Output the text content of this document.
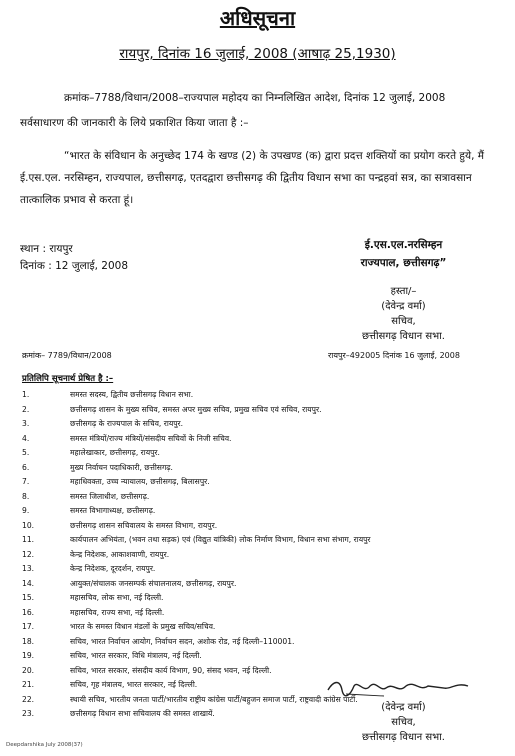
अधिसूचना
रायपुर, दिनांक 16 जुलाई, 2008 (आषाढ़ 25,1930)
क्रमांक–7788/विधान/2008–राज्यपाल महोदय का निम्नलिखित आदेश, दिनांक 12 जुलाई, 2008
सर्वसाधारण की जानकारी के लिये प्रकाशित किया जाता है :–
“भारत के संविधान के अनुच्छेद 174 के खण्ड (2) के उपखण्ड (क) द्वारा प्रदत्त शक्तियों का प्रयोग करते हुये, मैं ई.एस.एल. नरसिम्हन, राज्यपाल, छत्तीसगढ़, एतदद्वारा छत्तीसगढ़ की द्वितीय विधान सभा का पन्द्रहवां सत्र, का सत्रावसान तात्कालिक प्रभाव से करता हूं।
स्थान : रायपुर
दिनांक : 12 जुलाई, 2008
ई.एस.एल.नरसिम्हन
राज्यपाल, छत्तीसगढ़”
हस्ता/–
(देवेन्द्र वर्मा)
सचिव,
छत्तीसगढ़ विधान सभा.
क्रमांक– 7789/विधान/2008	रायपुर–492005 दिनांक 16 जुलाई, 2008
प्रतिलिपि सूचनार्थ प्रेषित है :–
1.	समस्त सदस्य, द्वितीय छत्तीसगढ़ विधान सभा.
2.	छत्तीसगढ़ शासन के मुख्य सचिव, समस्त अपर मुख्य सचिव, प्रमुख सचिव एवं सचिव, रायपुर.
3.	छत्तीसगढ़ के राज्यपाल के सचिव, रायपुर.
4.	समस्त मंत्रियों/राज्य मंत्रियों/संसदीय सचिवों के निजी सचिव.
5.	महालेखाकार, छत्तीसगढ़, रायपुर.
6.	मुख्य निर्वाचन पदाधिकारी, छत्तीसगढ़.
7.	महाधिवक्ता, उच्च न्यायालय, छत्तीसगढ़, बिलासपुर.
8.	समस्त जिलाधीश, छत्तीसगढ़.
9.	समस्त विभागाध्यक्ष, छत्तीसगढ़.
10.	छत्तीसगढ़ शासन सचिवालय के समस्त विभाग, रायपुर.
11.	कार्यपालन अभियंता, (भवन तथा सड़क) एवं (विद्युत यांत्रिकी) लोक निर्माण विभाग, विधान सभा संभाग, रायपुर
12.	केन्द्र निदेशक, आकाशवाणी, रायपुर.
13.	केन्द्र निदेशक, दूरदर्शन, रायपुर.
14.	आयुक्त/संचालक जनसम्पर्क संचालनालय, छत्तीसगढ़, रायपुर.
15.	महासचिव, लोक सभा, नई दिल्ली.
16.	महासचिव, राज्य सभा, नई दिल्ली.
17.	भारत के समस्त विधान मंडलों के प्रमुख सचिव/सचिव.
18.	सचिव, भारत निर्वाचन आयोग, निर्वाचन सदन, अशोक रोड, नई दिल्ली–110001.
19.	सचिव, भारत सरकार, विधि मंत्रालय, नई दिल्ली.
20.	सचिव, भारत सरकार, संसदीय कार्य विभाग, 90, संसद भवन, नई दिल्ली.
21.	सचिव, गृह मंत्रालय, भारत सरकार, नई दिल्ली.
22.	स्थायी सचिव, भारतीय जनता पार्टी/भारतीय राष्ट्रीय कांग्रेस पार्टी/बहुजन समाज पार्टी, राष्ट्रवादी कांग्रेस पार्टी.
23.	छत्तीसगढ़ विधान सभा सचिवालय की समस्त शाखायें.
(देवेन्द्र वर्मा)
सचिव,
छत्तीसगढ़ विधान सभा.
Deepdarshika July 2008(37)
